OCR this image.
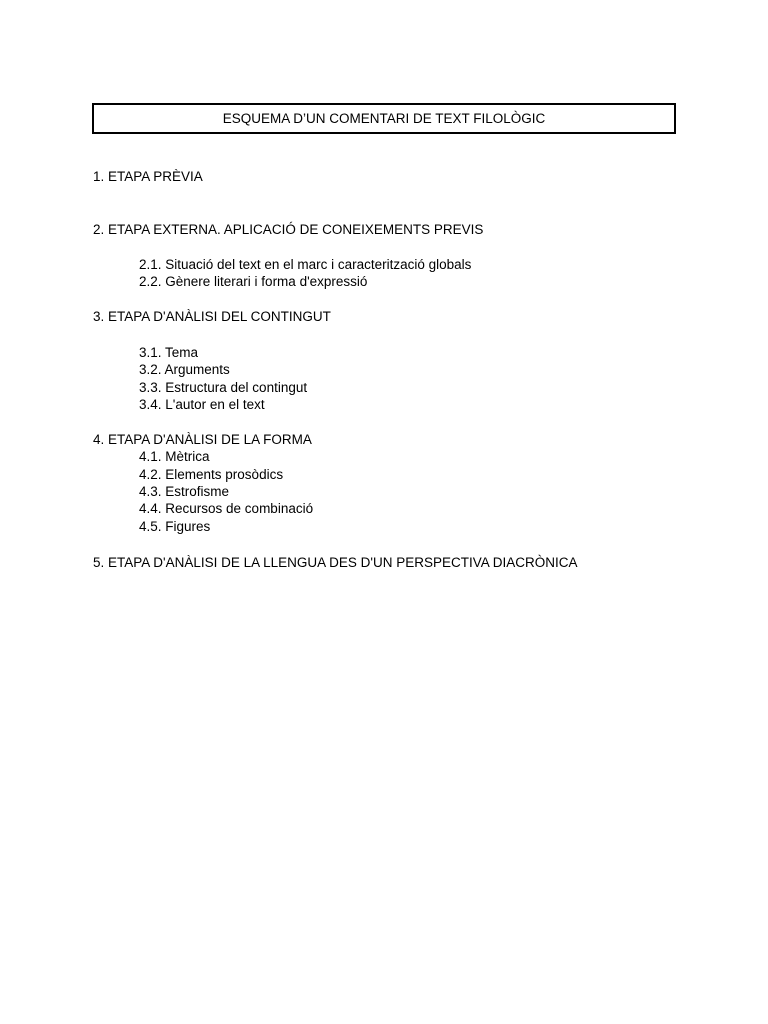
ESQUEMA D’UN COMENTARI DE TEXT FILOLÒGIC
1. ETAPA PRÈVIA
2. ETAPA EXTERNA. APLICACIÓ DE CONEIXEMENTS PREVIS
2.1. Situació del text en el marc i caracterització globals
2.2. Gènere literari i forma d'expressió
3. ETAPA D'ANÀLISI DEL CONTINGUT
3.1. Tema
3.2. Arguments
3.3. Estructura del contingut
3.4. L'autor en el text
4. ETAPA D'ANÀLISI DE LA FORMA
4.1. Mètrica
4.2. Elements prosòdics
4.3. Estrofisme
4.4. Recursos de combinació
4.5. Figures
5. ETAPA D'ANÀLISI DE LA LLENGUA DES D'UN PERSPECTIVA DIACRÒNICA
